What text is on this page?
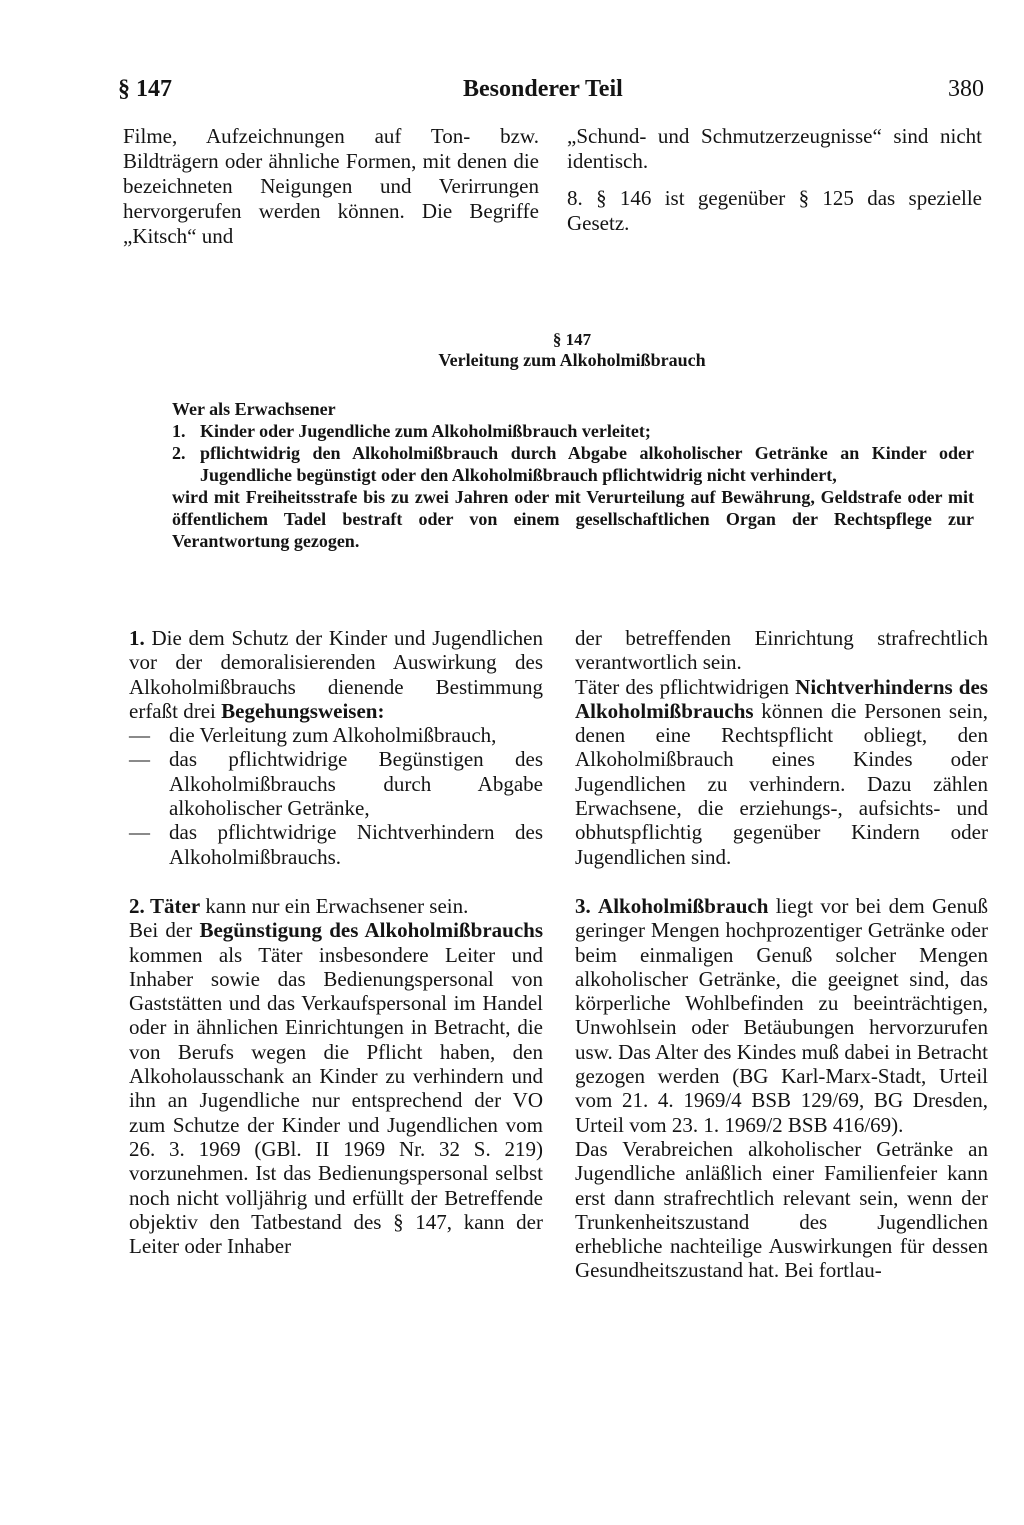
§ 147	Besonderer Teil	380

Filme, Aufzeichnungen auf Ton- bzw. Bildträgern oder ähnliche Formen, mit denen die bezeichneten Neigungen und Verirrungen hervorgerufen werden können. Die Begriffe „Kitsch“ und

„Schund- und Schmutzerzeugnisse“ sind nicht identisch.

8. § 146 ist gegenüber § 125 das spezielle Gesetz.

§ 147
Verleitung zum Alkoholmißbrauch
Wer als Erwachsener
1. Kinder oder Jugendliche zum Alkoholmißbrauch verleitet;
2. pflichtwidrig den Alkoholmißbrauch durch Abgabe alkoholischer Getränke an Kinder oder Jugendliche begünstigt oder den Alkoholmißbrauch pflichtwidrig nicht verhindert,
wird mit Freiheitsstrafe bis zu zwei Jahren oder mit Verurteilung auf Bewährung, Geldstrafe oder mit öffentlichem Tadel bestraft oder von einem gesellschaftlichen Organ der Rechtspflege zur Verantwortung gezogen.

1. Die dem Schutz der Kinder und Jugendlichen vor der demoralisierenden Auswirkung des Alkoholmißbrauchs dienende Bestimmung erfaßt drei Begehungsweisen:

— die Verleitung zum Alkoholmißbrauch,
— das pflichtwidrige Begünstigen des Alkoholmißbrauchs durch Abgabe alkoholischer Getränke,
— das pflichtwidrige Nichtverhindern des Alkoholmißbrauchs.

2. Täter kann nur ein Erwachsener sein.

Bei der Begünstigung des Alkoholmißbrauchs kommen als Täter insbesondere Leiter und Inhaber sowie das Bedienungspersonal von Gaststätten und das Verkaufspersonal im Handel oder in ähnlichen Einrichtungen in Betracht, die von Berufs wegen die Pflicht haben, den Alkoholausschank an Kinder zu verhindern und ihn an Jugendliche nur entsprechend der VO zum Schutze der Kinder und Jugendlichen vom 26. 3. 1969 (GBl. II 1969 Nr. 32 S. 219) vorzunehmen. Ist das Bedienungspersonal selbst noch nicht volljährig und erfüllt der Betreffende objektiv den Tatbestand des § 147, kann der Leiter oder Inhaber

der betreffenden Einrichtung strafrechtlich verantwortlich sein.

Täter des pflichtwidrigen Nichtverhinderns des Alkoholmißbrauchs können die Personen sein, denen eine Rechtspflicht obliegt, den Alkoholmißbrauch eines Kindes oder Jugendlichen zu verhindern. Dazu zählen Erwachsene, die erziehungs-, aufsichts- und obhutspflichtig gegenüber Kindern oder Jugendlichen sind.

3. Alkoholmißbrauch liegt vor bei dem Genuß geringer Mengen hochprozentiger Getränke oder beim einmaligen Genuß solcher Mengen alkoholischer Getränke, die geeignet sind, das körperliche Wohlbefinden zu beeinträchtigen, Unwohlsein oder Betäubungen hervorzurufen usw. Das Alter des Kindes muß dabei in Betracht gezogen werden (BG Karl-Marx-Stadt, Urteil vom 21. 4. 1969/4 BSB 129/69, BG Dresden, Urteil vom 23. 1. 1969/2 BSB 416/69).

Das Verabreichen alkoholischer Getränke an Jugendliche anläßlich einer Familienfeier kann erst dann strafrechtlich relevant sein, wenn der Trunkenheitszustand des Jugendlichen erhebliche nachteilige Auswirkungen für dessen Gesundheitszustand hat. Bei fortlau-
